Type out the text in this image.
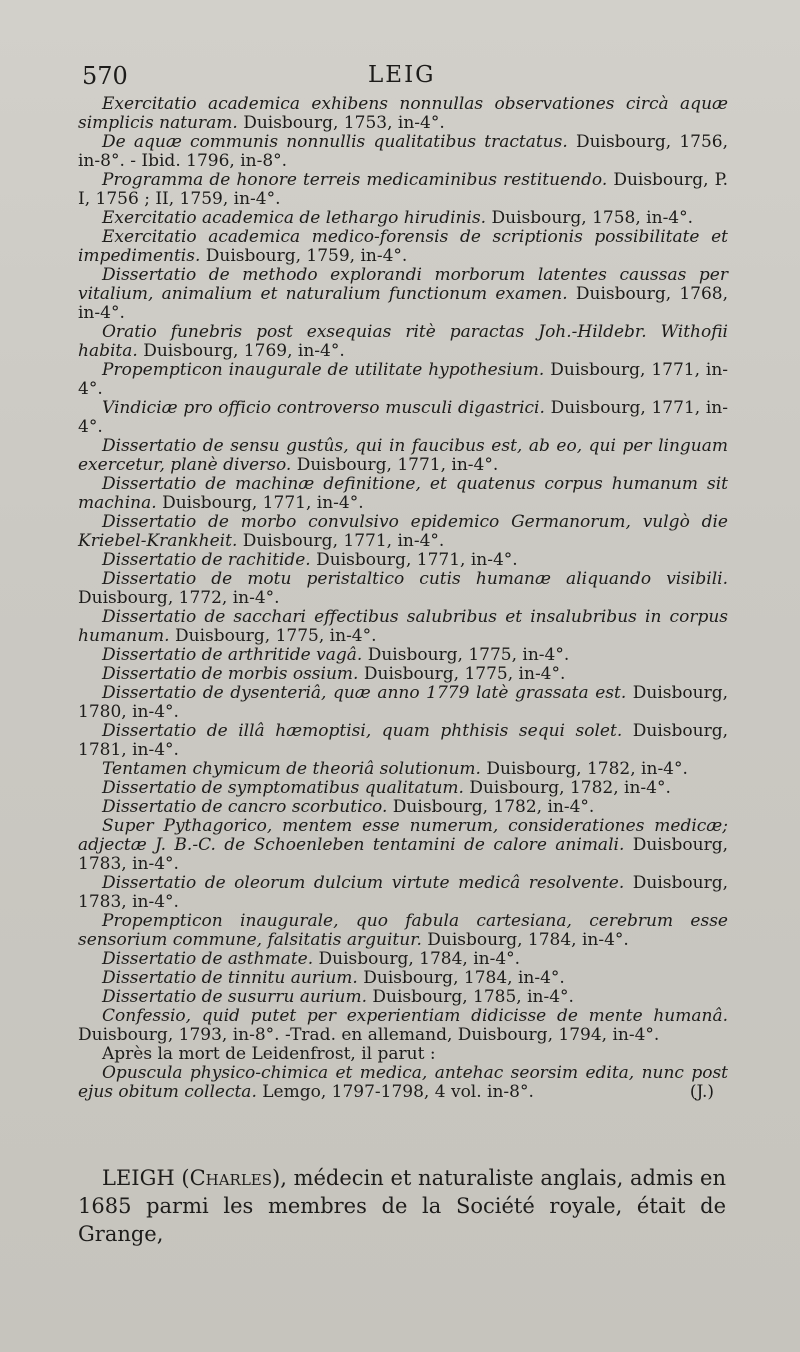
570	LEIG

Exercitatio academica exhibens nonnullas observationes circà aquæ simplicis naturam. Duisbourg, 1753, in-4°.

De aquæ communis nonnullis qualitatibus tractatus. Duisbourg, 1756, in-8°. - Ibid. 1796, in-8°.

Programma de honore terreis medicaminibus restituendo. Duisbourg, P. I, 1756 ; II, 1759, in-4°.

Exercitatio academica de lethargo hirudinis. Duisbourg, 1758, in-4°.

Exercitatio academica medico-forensis de scriptionis possibilitate et impedimentis. Duisbourg, 1759, in-4°.

Dissertatio de methodo explorandi morborum latentes caussas per vitalium, animalium et naturalium functionum examen. Duisbourg, 1768, in-4°.

Oratio funebris post exsequias ritè paractas Joh.-Hildebr. Withofii habita. Duisbourg, 1769, in-4°.

Propempticon inaugurale de utilitate hypothesium. Duisbourg, 1771, in-4°.

Vindiciæ pro officio controverso musculi digastrici. Duisbourg, 1771, in-4°.

Dissertatio de sensu gustûs, qui in faucibus est, ab eo, qui per linguam exercetur, planè diverso. Duisbourg, 1771, in-4°.

Dissertatio de machinæ definitione, et quatenus corpus humanum sit machina. Duisbourg, 1771, in-4°.

Dissertatio de morbo convulsivo epidemico Germanorum, vulgò die Kriebel-Krankheit. Duisbourg, 1771, in-4°.

Dissertatio de rachitide. Duisbourg, 1771, in-4°.

Dissertatio de motu peristaltico cutis humanæ aliquando visibili. Duisbourg, 1772, in-4°.

Dissertatio de sacchari effectibus salubribus et insalubribus in corpus humanum. Duisbourg, 1775, in-4°.

Dissertatio de arthritide vagâ. Duisbourg, 1775, in-4°.

Dissertatio de morbis ossium. Duisbourg, 1775, in-4°.

Dissertatio de dysenteriâ, quæ anno 1779 latè grassata est. Duisbourg, 1780, in-4°.

Dissertatio de illâ hæmoptisi, quam phthisis sequi solet. Duisbourg, 1781, in-4°.

Tentamen chymicum de theoriâ solutionum. Duisbourg, 1782, in-4°.

Dissertatio de symptomatibus qualitatum. Duisbourg, 1782, in-4°.

Dissertatio de cancro scorbutico. Duisbourg, 1782, in-4°.

Super Pythagorico, mentem esse numerum, considerationes medicæ; adjectæ J. B.-C. de Schoenleben tentamini de calore animali. Duisbourg, 1783, in-4°.

Dissertatio de oleorum dulcium virtute medicâ resolvente. Duisbourg, 1783, in-4°.

Propempticon inaugurale, quo fabula cartesiana, cerebrum esse sensorium commune, falsitatis arguitur. Duisbourg, 1784, in-4°.

Dissertatio de asthmate. Duisbourg, 1784, in-4°.

Dissertatio de tinnitu aurium. Duisbourg, 1784, in-4°.

Dissertatio de susurru aurium. Duisbourg, 1785, in-4°.

Confessio, quid putet per experientiam didicisse de mente humanâ. Duisbourg, 1793, in-8°. -Trad. en allemand, Duisbourg, 1794, in-4°.

Après la mort de Leidenfrost, il parut :

Opuscula physico-chimica et medica, antehac seorsim edita, nunc post ejus obitum collecta. Lemgo, 1797-1798, 4 vol. in-8°.	(J.)

LEIGH (Charles), médecin et naturaliste anglais, admis en 1685 parmi les membres de la Société royale, était de Grange,
